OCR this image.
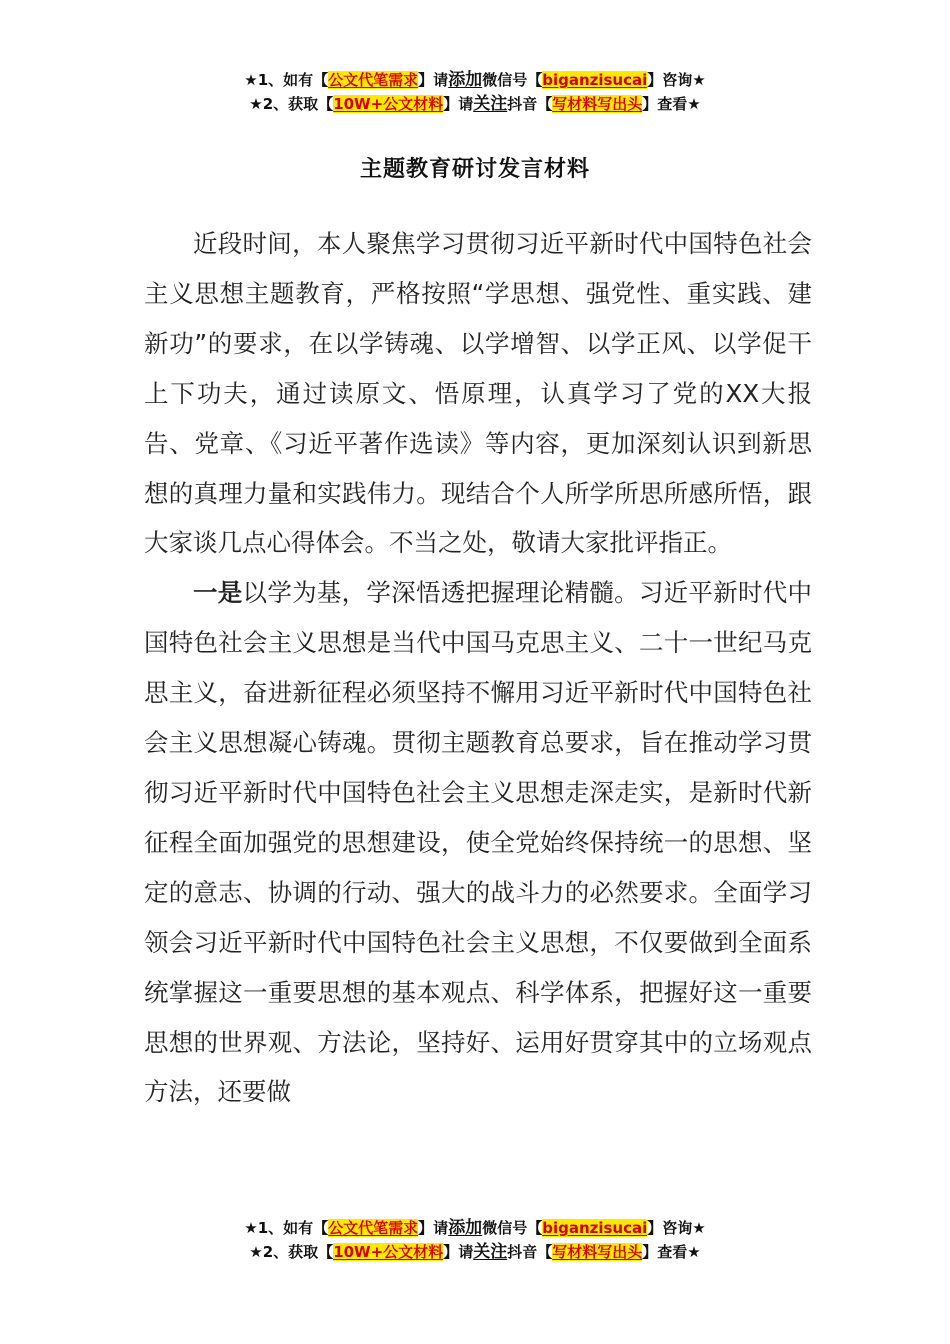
★1、如有【公文代笔需求】请添加微信号【biganzisucai】咨询★
★2、获取【10W+公文材料】请关注抖音【写材料写出头】查看★
主题教育研讨发言材料

近段时间，本人聚焦学习贯彻习近平新时代中国特色社会主义思想主题教育，严格按照“学思想、强党性、重实践、建新功”的要求，在以学铸魂、以学增智、以学正风、以学促干上下功夫，通过读原文、悟原理，认真学习了党的XX大报告、党章、《习近平著作选读》等内容，更加深刻认识到新思想的真理力量和实践伟力。现结合个人所学所思所感所悟，跟大家谈几点心得体会。不当之处，敬请大家批评指正。

一是以学为基，学深悟透把握理论精髓。习近平新时代中国特色社会主义思想是当代中国马克思主义、二十一世纪马克思主义，奋进新征程必须坚持不懈用习近平新时代中国特色社会主义思想凝心铸魂。贯彻主题教育总要求，旨在推动学习贯彻习近平新时代中国特色社会主义思想走深走实，是新时代新征程全面加强党的思想建设，使全党始终保持统一的思想、坚定的意志、协调的行动、强大的战斗力的必然要求。全面学习领会习近平新时代中国特色社会主义思想，不仅要做到全面系统掌握这一重要思想的基本观点、科学体系，把握好这一重要思想的世界观、方法论，坚持好、运用好贯穿其中的立场观点方法，还要做

★1、如有【公文代笔需求】请添加微信号【biganzisucai】咨询★
★2、获取【10W+公文材料】请关注抖音【写材料写出头】查看★
